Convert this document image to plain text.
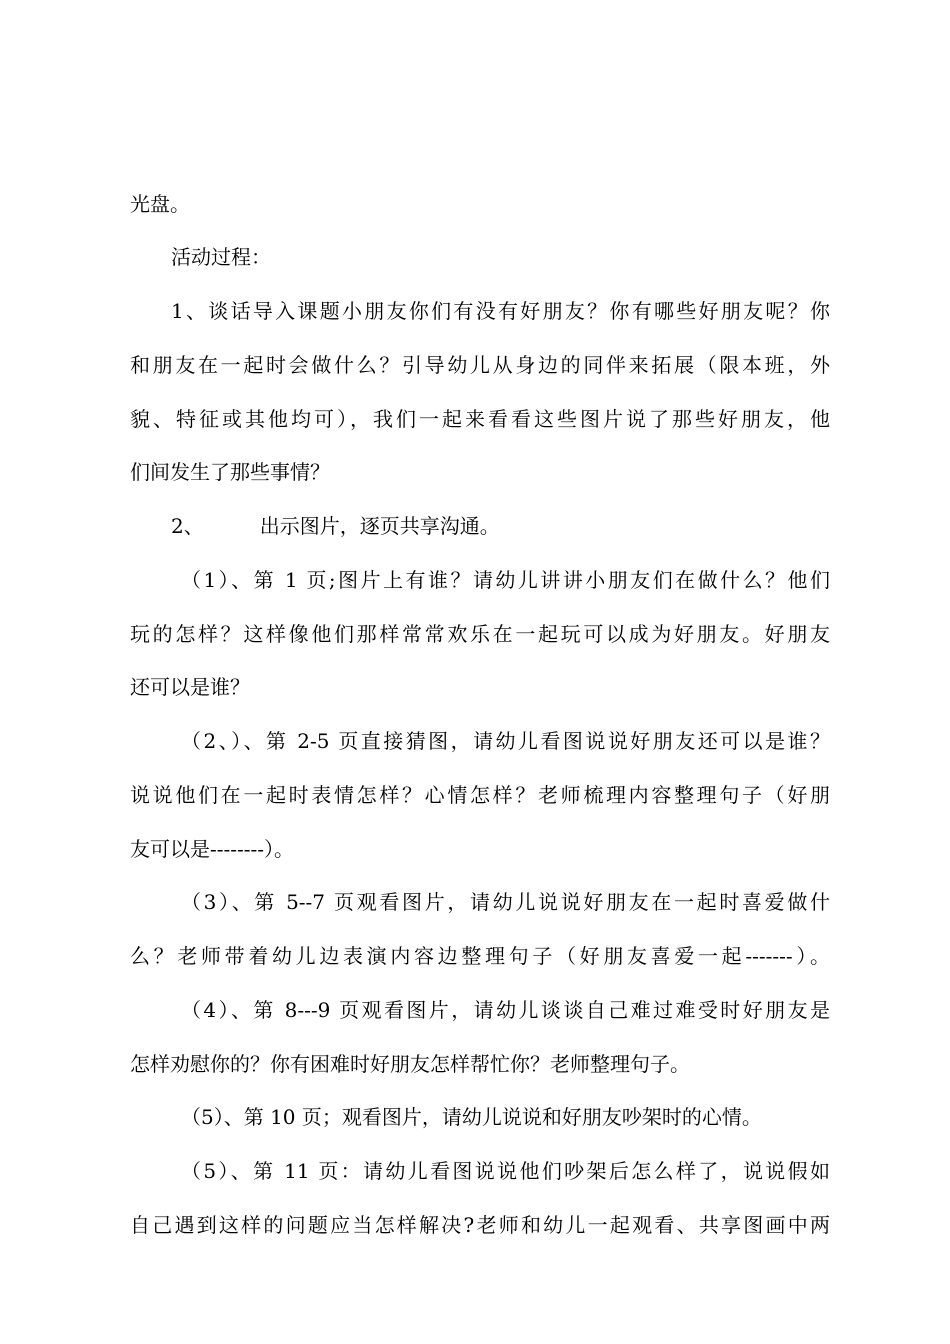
光盘。
活动过程：
1、谈话导入课题小朋友你们有没有好朋友？你有哪些好朋友呢？你
和朋友在一起时会做什么？引导幼儿从身边的同伴来拓展（限本班，外
貌、特征或其他均可），我们一起来看看这些图片说了那些好朋友，他
们间发生了那些事情？
2、	出示图片，逐页共享沟通。
（1）、第 1 页;图片上有谁？请幼儿讲讲小朋友们在做什么？他们
玩的怎样？这样像他们那样常常欢乐在一起玩可以成为好朋友。好朋友
还可以是谁？
（2、）、第 2-5 页直接猜图，请幼儿看图说说好朋友还可以是谁？
说说他们在一起时表情怎样？心情怎样？老师梳理内容整理句子（好朋
友可以是--------）。
（3）、第 5--7 页观看图片，请幼儿说说好朋友在一起时喜爱做什
么？老师带着幼儿边表演内容边整理句子（好朋友喜爱一起-------）。
（4）、第 8---9 页观看图片，请幼儿谈谈自己难过难受时好朋友是
怎样劝慰你的？你有困难时好朋友怎样帮忙你？老师整理句子。
（5）、第 10 页；观看图片，请幼儿说说和好朋友吵架时的心情。
（5）、第 11 页：请幼儿看图说说他们吵架后怎么样了，说说假如
自己遇到这样的问题应当怎样解决?老师和幼儿一起观看、共享图画中两
